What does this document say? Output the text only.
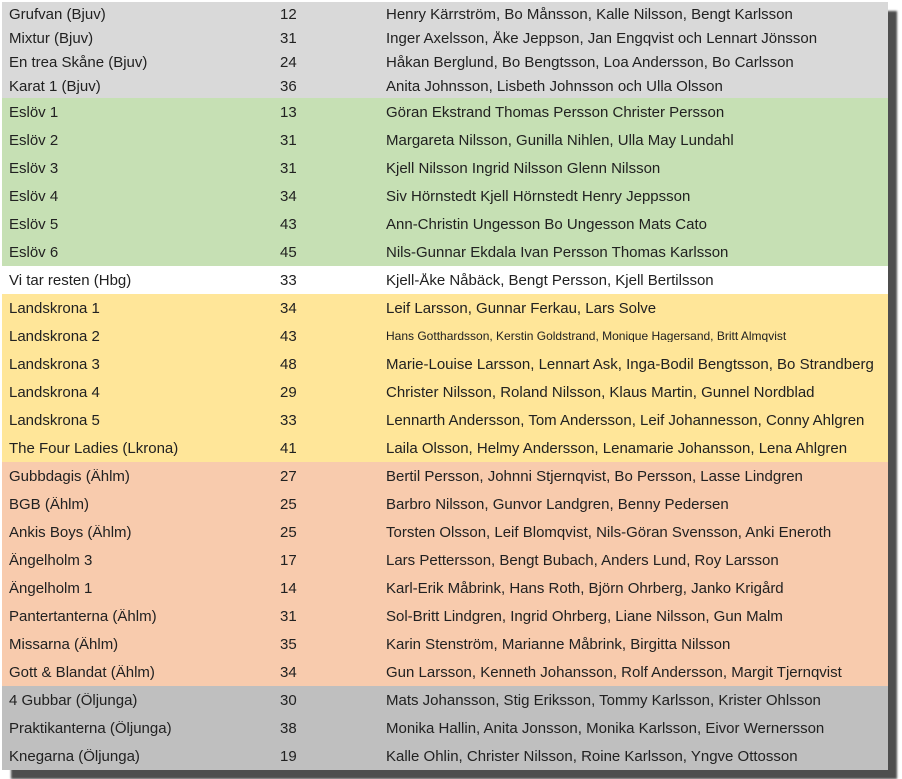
Grufvan (Bjuv)	12	Henry Kärrström, Bo Månsson, Kalle Nilsson, Bengt Karlsson
Mixtur (Bjuv)	31	Inger Axelsson, Åke Jeppson, Jan Engqvist och Lennart Jönsson
En trea Skåne (Bjuv)	24	Håkan Berglund, Bo Bengtsson, Loa Andersson, Bo Carlsson
Karat 1 (Bjuv)	36	Anita Johnsson, Lisbeth Johnsson och Ulla Olsson
Eslöv 1	13	Göran Ekstrand Thomas Persson Christer Persson
Eslöv 2	31	Margareta Nilsson, Gunilla Nihlen, Ulla May Lundahl
Eslöv 3	31	Kjell Nilsson Ingrid Nilsson Glenn Nilsson
Eslöv 4	34	Siv Hörnstedt Kjell Hörnstedt Henry Jeppsson
Eslöv 5	43	Ann-Christin Ungesson Bo Ungesson Mats Cato
Eslöv 6	45	Nils-Gunnar Ekdala Ivan Persson Thomas Karlsson
Vi tar resten (Hbg)	33	Kjell-Åke Nåbäck, Bengt Persson, Kjell Bertilsson
Landskrona 1	34	Leif Larsson, Gunnar Ferkau, Lars Solve
Landskrona 2	43	Hans Gotthardsson, Kerstin Goldstrand, Monique Hagersand, Britt Almqvist
Landskrona 3	48	Marie-Louise Larsson, Lennart Ask, Inga-Bodil Bengtsson, Bo Strandberg
Landskrona 4	29	Christer Nilsson, Roland Nilsson, Klaus Martin, Gunnel Nordblad
Landskrona 5	33	Lennarth Andersson, Tom Andersson, Leif Johannesson, Conny Ahlgren
The Four Ladies (Lkrona)	41	Laila Olsson, Helmy Andersson, Lenamarie Johansson, Lena Ahlgren
Gubbdagis (Ählm)	27	Bertil Persson, Johnni Stjernqvist, Bo Persson, Lasse Lindgren
BGB (Ählm)	25	Barbro Nilsson, Gunvor Landgren, Benny Pedersen
Ankis Boys (Ählm)	25	Torsten Olsson, Leif Blomqvist, Nils-Göran Svensson, Anki Eneroth
Ängelholm 3	17	Lars Pettersson, Bengt Bubach, Anders Lund, Roy Larsson
Ängelholm 1	14	Karl-Erik Måbrink, Hans Roth, Björn Ohrberg, Janko Krigård
Pantertanterna (Ählm)	31	Sol-Britt Lindgren, Ingrid Ohrberg, Liane Nilsson, Gun Malm
Missarna (Ählm)	35	Karin Stenström, Marianne Måbrink, Birgitta Nilsson
Gott & Blandat (Ählm)	34	Gun Larsson, Kenneth Johansson, Rolf Andersson, Margit Tjernqvist
4 Gubbar (Öljunga)	30	Mats Johansson, Stig Eriksson, Tommy Karlsson, Krister Ohlsson
Praktikanterna (Öljunga)	38	Monika Hallin, Anita Jonsson, Monika Karlsson, Eivor Wernersson
Knegarna (Öljunga)	19	Kalle Ohlin, Christer Nilsson, Roine Karlsson, Yngve Ottosson
